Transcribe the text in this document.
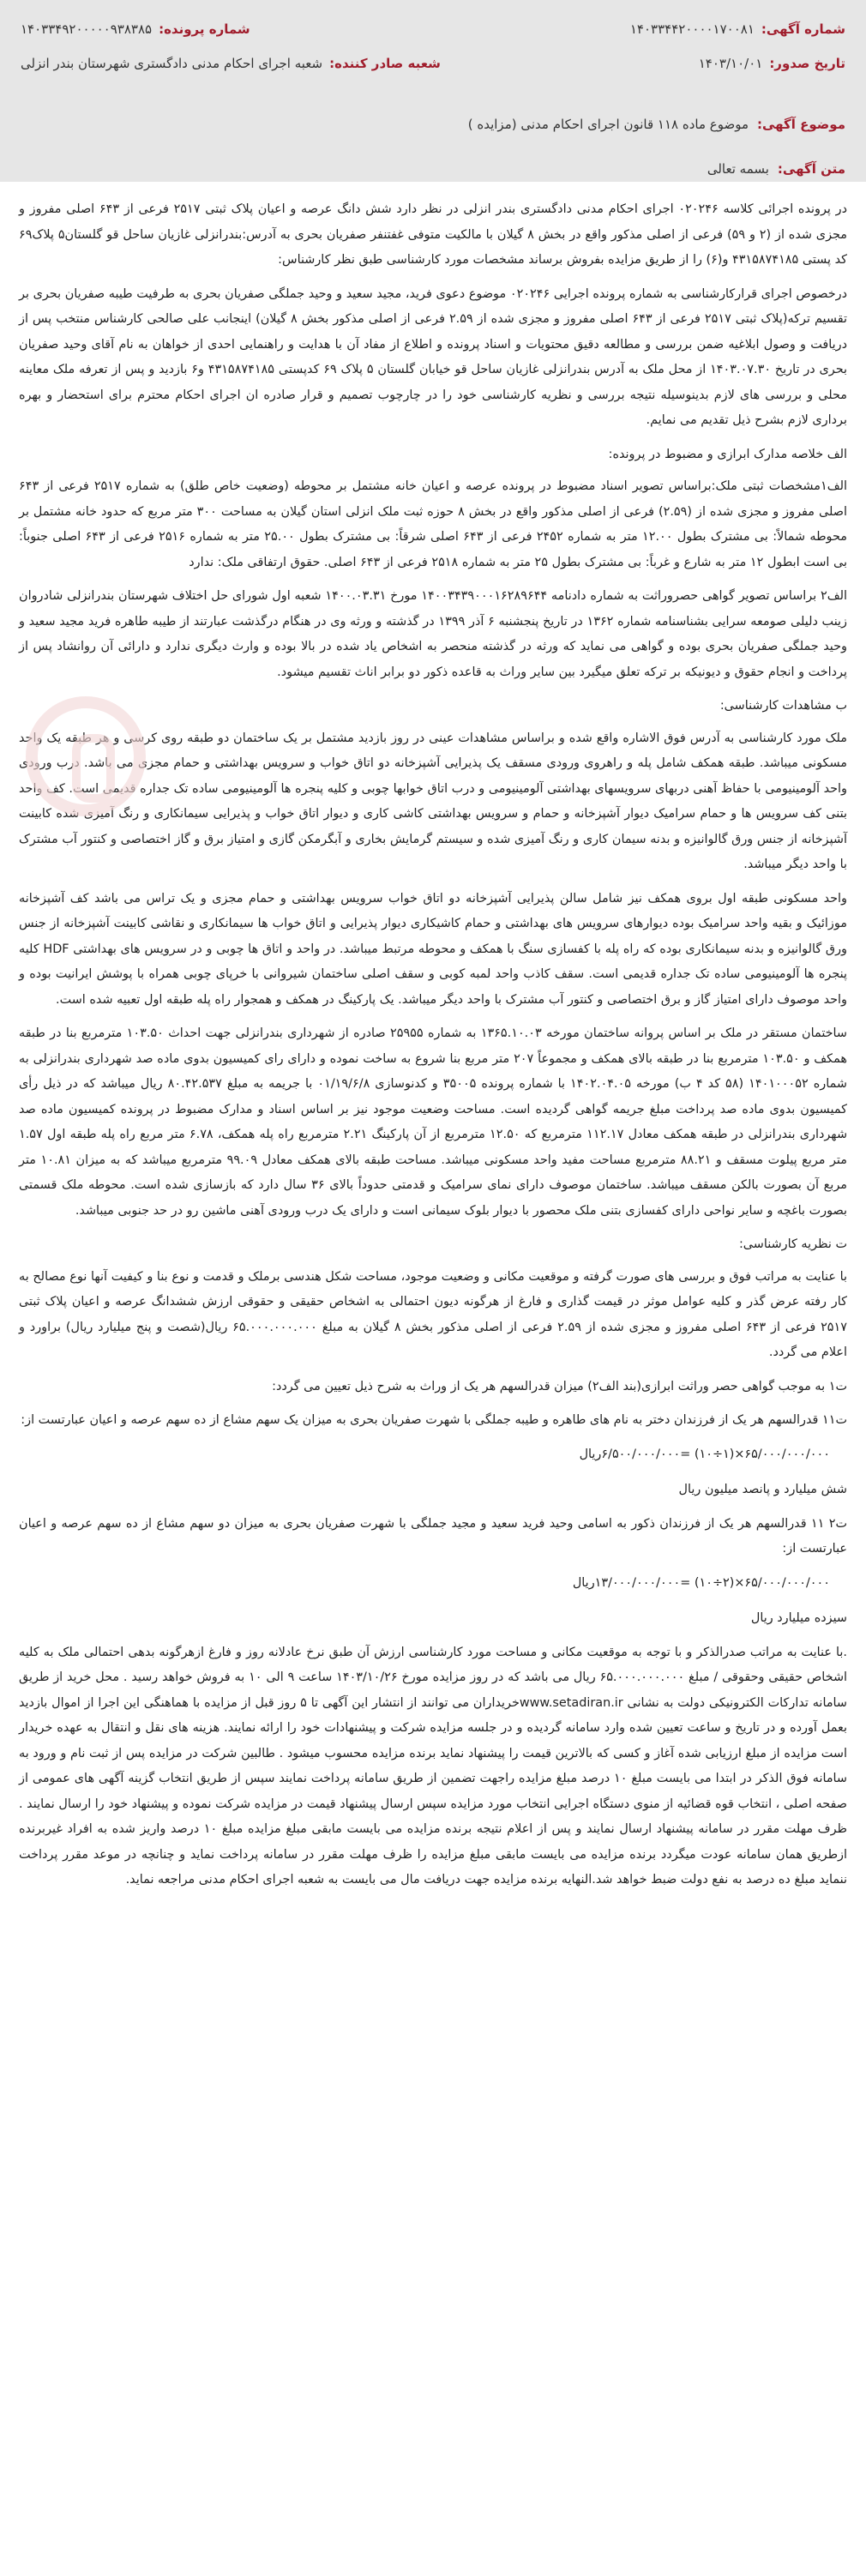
شماره آگهی:
۱۴۰۳۳۴۴۲۰۰۰۰۱۷۰۰۸۱
شماره پرونده:
۱۴۰۳۳۴۹۲۰۰۰۰۰۹۳۸۳۸۵
تاریخ صدور:
۱۴۰۳/۱۰/۰۱
شعبه صادر کننده:
شعبه اجرای احکام مدنی دادگستری شهرستان بندر انزلی
موضوع آگهی:
موضوع ماده ۱۱۸ قانون اجرای احکام مدنی (مزایده )
متن آگهی:
بسمه تعالی

در پرونده اجرائی کلاسه ۰۲۰۲۴۶ اجرای احکام مدنی دادگستری بندر انزلی در نظر دارد شش دانگ عرصه و اعیان پلاک ثبتی ۲۵۱۷ فرعی از ۶۴۳ اصلی مفروز و مجزی شده از (۲ و ۵۹) فرعی از اصلی مذکور واقع در بخش ۸ گیلان با مالکیت متوفی غفتنفر صفریان بحری به آدرس:بندرانزلی غازیان ساحل قو گلستان۵ پلاک۶۹ کد پستی ۴۳۱۵۸۷۴۱۸۵ و(۶) را از طریق مزایده بفروش برساند مشخصات مورد کارشناسی طبق نظر کارشناس:

درخصوص اجرای قرارکارشناسی به شماره پرونده اجرایی ۰۲۰۲۴۶ موضوع دعوی فرید، مجید سعید و وحید جملگی صفریان بحری به طرفیت طیبه صفریان بحری بر تقسیم ترکه(پلاک ثبتی ۲۵۱۷ فرعی از ۶۴۳ اصلی مفروز و مجزی شده از ۲.۵۹ فرعی از اصلی مذکور بخش ۸ گیلان) اینجانب علی صالحی کارشناس منتخب پس از دریافت و وصول ابلاغیه ضمن بررسی و مطالعه دقیق محتویات و اسناد پرونده و اطلاع از مفاد آن با هدایت و راهنمایی احدی از خواهان به نام آقای وحید صفریان بحری در تاریخ ۱۴۰۳.۰۷.۳۰ از محل ملک به آدرس بندرانزلی غازیان ساحل قو خیابان گلستان ۵ پلاک ۶۹ کدپستی ۴۳۱۵۸۷۴۱۸۵ و۶ بازدید و پس از تعرفه ملک معاینه محلی و بررسی های لازم بدینوسیله نتیجه بررسی و نظریه کارشناسی خود را در چارچوب تصمیم و قرار صادره ان اجرای احکام محترم برای استحضار و بهره برداری لازم بشرح ذیل تقدیم می نمایم.

الف خلاصه مدارک ابرازی و مضبوط در پرونده:

الف۱مشخصات ثبتی ملک:براساس تصویر اسناد مضبوط در پرونده عرصه و اعیان خانه مشتمل بر محوطه (وضعیت خاص طلق) به شماره ۲۵۱۷ فرعی از ۶۴۳ اصلی مفروز و مجزی شده از (۲.۵۹) فرعی از اصلی مذکور واقع در بخش ۸ حوزه ثبت ملک انزلی استان گیلان به مساحت ۳۰۰ متر مربع که حدود خانه مشتمل بر محوطه شمالاً: بی مشترک بطول ۱۲.۰۰ متر به شماره ۲۴۵۲ فرعی از ۶۴۳ اصلی شرقاً: بی مشترک بطول ۲۵.۰۰ متر به شماره ۲۵۱۶ فرعی از ۶۴۳ اصلی جنوباً: بی است ابطول ۱۲ متر به شارع و غرباً: بی مشترک بطول ۲۵ متر به شماره ۲۵۱۸ فرعی از ۶۴۳ اصلی. حقوق ارتفاقی ملک: ندارد

الف۲ براساس تصویر گواهی حصروراثت به شماره دادنامه ۱۴۰۰۳۴۳۹۰۰۰۱۶۲۸۹۶۴۴ مورخ ۱۴۰۰.۰۳.۳۱ شعبه اول شورای حل اختلاف شهرستان بندرانزلی شادروان زینب دلیلی صومعه سرایی بشناسنامه شماره ۱۳۶۲ در تاریخ پنجشنبه ۶ آذر ۱۳۹۹ در گذشته و ورثه وی در هنگام درگذشت عبارتند از طیبه طاهره فرید مجید سعید و وحید جملگی صفریان بحری بوده و گواهی می نماید که ورثه در گذشته منحصر به اشخاص یاد شده در بالا بوده و وارث دیگری ندارد و دارائی آن روانشاد پس از پرداخت و انجام حقوق و دیونیکه بر ترکه تعلق میگیرد بین سایر وراث به قاعده ذکور دو برابر اناث تقسیم میشود.

ب مشاهدات کارشناسی:

ملک مورد کارشناسی به آدرس فوق الاشاره واقع شده و براساس مشاهدات عینی در روز بازدید مشتمل بر یک ساختمان دو طبقه روی کرسی و هر طبقه یک واحد مسکونی میباشد. طبقه همکف شامل پله و راهروی ورودی مسقف یک پذیرایی آشپزخانه دو اتاق خواب و سرویس بهداشتی و حمام مجزی می باشد. درب ورودی واحد آلومینیومی با حفاظ آهنی دربهای سرویسهای بهداشتی آلومینیومی و درب اتاق خوابها چوبی و کلیه پنجره ها آلومینیومی ساده تک جداره قدیمی است. کف واحد بتنی کف سرویس ها و حمام سرامیک دیوار آشپزخانه و حمام و سرویس بهداشتی کاشی کاری و دیوار اتاق خواب و پذیرایی سیمانکاری و رنگ آمیزی شده کابینت آشپزخانه از جنس ورق گالوانیزه و بدنه سیمان کاری و رنگ آمیزی شده و سیستم گرمایش بخاری و آبگرمکن گازی و امتیاز برق و گاز اختصاصی و کنتور آب مشترک با واحد دیگر میباشد.

واحد مسکونی طبقه اول بروی همکف نیز شامل سالن پذیرایی آشپزخانه دو اتاق خواب سرویس بهداشتی و حمام مجزی و یک تراس می باشد کف آشپزخانه موزائیک و بقیه واحد سرامیک بوده دیوارهای سرویس های بهداشتی و حمام کاشیکاری دیوار پذیرایی و اتاق خواب ها سیمانکاری و نقاشی کابینت آشپزخانه از جنس ورق گالوانیزه و بدنه سیمانکاری بوده که راه پله با کفسازی سنگ با همکف و محوطه مرتبط میباشد. در واحد و اتاق ها چوبی و در سرویس های بهداشتی HDF کلیه پنجره ها آلومینیومی ساده تک جداره قدیمی است. سقف کاذب واحد لمبه کوبی و سقف اصلی ساختمان شیروانی با خرپای چوبی همراه با پوشش ایرانیت بوده و واحد موصوف دارای امتیاز گاز و برق اختصاصی و کنتور آب مشترک با واحد دیگر میباشد. یک پارکینگ در همکف و همجوار راه پله طبقه اول تعبیه شده است.

ساختمان مستقر در ملک بر اساس پروانه ساختمان مورخه ۱۳۶۵.۱۰.۰۳ به شماره ۲۵۹۵۵ صادره از شهرداری بندرانزلی جهت احداث ۱۰۳.۵۰ مترمربع بنا در طبقه همکف و ۱۰۳.۵۰ مترمربع بنا در طبقه بالای همکف و مجموعاً ۲۰۷ متر مربع بنا شروع به ساخت نموده و دارای رای کمیسیون بدوی ماده صد شهرداری بندرانزلی به شماره ۱۴۰۱۰۰۰۵۲ (۵۸ کد ۴ ب) مورخه ۱۴۰۲.۰۴.۰۵ با شماره پرونده ۳۵۰۰۵ و کدنوسازی ۰۱/۱۹/۶/۸ با جریمه به مبلغ ۸۰.۴۲.۵۳۷ ریال میباشد که در ذیل رأی کمیسیون بدوی ماده صد پرداخت مبلغ جریمه گواهی گردیده است. مساحت وضعیت موجود نیز بر اساس اسناد و مدارک مضبوط در پرونده کمیسیون ماده صد شهرداری بندرانزلی در طبقه همکف معادل ۱۱۲.۱۷ مترمربع که ۱۲.۵۰ مترمربع از آن پارکینگ ۲.۲۱ مترمربع راه پله همکف، ۶.۷۸ متر مربع راه پله طبقه اول ۱.۵۷ متر مربع پیلوت مسقف و ۸۸.۲۱ مترمربع مساحت مفید واحد مسکونی میباشد. مساحت طبقه بالای همکف معادل ۹۹.۰۹ مترمربع میباشد که به میزان ۱۰.۸۱ متر مربع آن بصورت بالکن مسقف میباشد. ساختمان موصوف دارای نمای سرامیک و قدمتی حدوداً بالای ۳۶ سال دارد که بازسازی شده است. محوطه ملک قسمتی بصورت باغچه و سایر نواحی دارای کفسازی بتنی ملک محصور با دیوار بلوک سیمانی است و دارای یک درب ورودی آهنی ماشین رو در حد جنوبی میباشد.

ت نظریه کارشناسی:

با عنایت به مراتب فوق و بررسی های صورت گرفته و موقعیت مکانی و وضعیت موجود، مساحت شکل هندسی برملک و قدمت و نوع بنا و کیفیت آنها نوع مصالح به کار رفته عرض گذر و کلیه عوامل موثر در قیمت گذاری و فارغ از هرگونه دیون احتمالی به اشخاص حقیقی و حقوقی ارزش ششدانگ عرصه و اعیان پلاک ثبتی ۲۵۱۷ فرعی از ۶۴۳ اصلی مفروز و مجزی شده از ۲.۵۹ فرعی از اصلی مذکور بخش ۸ گیلان به مبلغ ۶۵.۰۰۰.۰۰۰.۰۰۰ ریال(شصت و پنج میلیارد ریال) براورد و اعلام می گردد.

ت۱ به موجب گواهی حصر وراثت ابرازی(بند الف۲) میزان قدرالسهم هر یک از وراث به شرح ذیل تعیین می گردد:

ت۱۱ قدرالسهم هر یک از فرزندان دختر به نام های طاهره و طیبه جملگی با شهرت صفریان بحری به میزان یک سهم مشاع از ده سهم عرصه و اعیان عبارتست از:

۶۵/۰۰۰/۰۰۰/۰۰۰×(۱÷۱۰) =۶/۵۰۰/۰۰۰/۰۰۰ریال

شش میلیارد و پانصد میلیون ریال

ت۲ ۱۱ قدرالسهم هر یک از فرزندان ذکور به اسامی وحید فرید سعید و مجید جملگی با شهرت صفریان بحری به میزان دو سهم مشاع از ده سهم عرصه و اعیان عبارتست از:

۶۵/۰۰۰/۰۰۰/۰۰۰×(۲÷۱۰) =۱۳/۰۰۰/۰۰۰/۰۰۰ریال

سیزده میلیارد ریال

.با عنایت به مراتب صدرالذکر و با توجه به موقعیت مکانی و مساحت مورد کارشناسی ارزش آن طبق نرخ عادلانه روز و فارغ ازهرگونه بدهی احتمالی ملک به کلیه اشخاص حقیقی وحقوقی / مبلغ ۶۵.۰۰۰.۰۰۰.۰۰۰ ریال می باشد که در روز مزایده مورخ ۱۴۰۳/۱۰/۲۶ ساعت ۹ الی ۱۰ به فروش خواهد رسید . محل خرید از طریق سامانه تدارکات الکترونیکی دولت به نشانی www.setadiran.irخریداران می توانند از انتشار این آگهی تا ۵ روز قبل از مزایده با هماهنگی این اجرا از اموال بازدید بعمل آورده و در تاریخ و ساعت تعیین شده وارد سامانه گردیده و در جلسه مزایده شرکت و پیشنهادات خود را ارائه نمایند. هزینه های نقل و انتقال به عهده خریدار است مزایده از مبلغ ارزیابی شده آغاز و کسی که بالاترین قیمت را پیشنهاد نماید برنده مزایده محسوب میشود . طالبین شرکت در مزایده پس از ثبت نام و ورود به سامانه فوق الذکر در ابتدا می بایست مبلغ ۱۰ درصد مبلغ مزایده راجهت تضمین از طریق سامانه پرداخت نمایند سپس از طریق انتخاب گزینه آگهی های عمومی از صفحه اصلی ، انتخاب قوه قضائیه از منوی دستگاه اجرایی انتخاب مورد مزایده سپس ارسال پیشنهاد قیمت در مزایده شرکت نموده و پیشنهاد خود را ارسال نمایند . ظرف مهلت مقرر در سامانه پیشنهاد ارسال نمایند و پس از اعلام نتیجه برنده مزایده می بایست مابقی مبلغ مزایده مبلغ ۱۰ درصد واریز شده به افراد غیربرنده ازطریق همان سامانه عودت میگردد برنده مزایده می بایست مابقی مبلغ مزایده را ظرف مهلت مقرر در سامانه پرداخت نماید و چنانچه در موعد مقرر پرداخت ننماید مبلغ ده درصد به نفع دولت ضبط خواهد شد.النهایه برنده مزایده جهت دریافت مال می بایست به شعبه اجرای احکام مدنی مراجعه نماید.
